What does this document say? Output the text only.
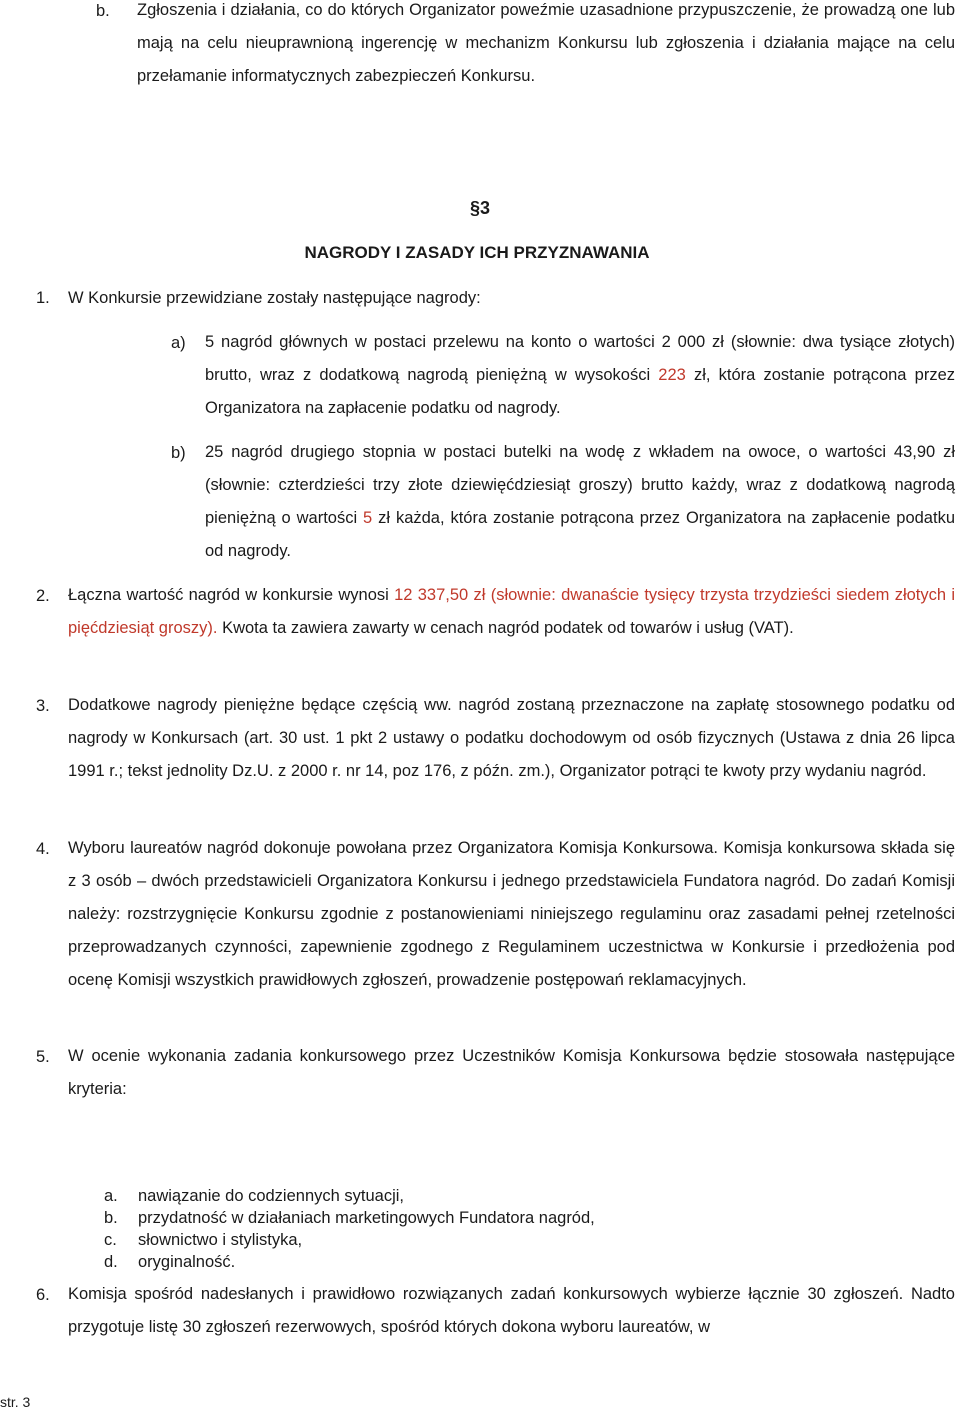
b. Zgłoszenia i działania, co do których Organizator poweźmie uzasadnione przypuszczenie, że prowadzą one lub mają na celu nieuprawnioną ingerencję w mechanizm Konkursu lub zgłoszenia i działania mające na celu przełamanie informatycznych zabezpieczeń Konkursu.
§3
NAGRODY I ZASADY ICH PRZYZNAWANIA
1. W Konkursie przewidziane zostały następujące nagrody:
a) 5 nagród głównych w postaci przelewu na konto o wartości 2 000 zł (słownie: dwa tysiące złotych) brutto, wraz z dodatkową nagrodą pieniężną w wysokości 223 zł, która zostanie potrącona przez Organizatora na zapłacenie podatku od nagrody.
b) 25 nagród drugiego stopnia w postaci butelki na wodę z wkładem na owoce, o wartości 43,90 zł (słownie: czterdzieści trzy złote dziewięćdziesiąt groszy) brutto każdy, wraz z dodatkową nagrodą pieniężną o wartości 5 zł każda, która zostanie potrącona przez Organizatora na zapłacenie podatku od nagrody.
2. Łączna wartość nagród w konkursie wynosi 12 337,50 zł (słownie: dwanaście tysięcy trzysta trzydzieści siedem złotych i pięćdziesiąt groszy). Kwota ta zawiera zawarty w cenach nagród podatek od towarów i usług (VAT).
3. Dodatkowe nagrody pieniężne będące częścią ww. nagród zostaną przeznaczone na zapłatę stosownego podatku od nagrody w Konkursach (art. 30 ust. 1 pkt 2 ustawy o podatku dochodowym od osób fizycznych (Ustawa z dnia 26 lipca 1991 r.; tekst jednolity Dz.U. z 2000 r. nr 14, poz 176, z późn. zm.), Organizator potrąci te kwoty przy wydaniu nagród.
4. Wyboru laureatów nagród dokonuje powołana przez Organizatora Komisja Konkursowa. Komisja konkursowa składa się z 3 osób – dwóch przedstawicieli Organizatora Konkursu i jednego przedstawiciela Fundatora nagród. Do zadań Komisji należy: rozstrzygnięcie Konkursu zgodnie z postanowieniami niniejszego regulaminu oraz zasadami pełnej rzetelności przeprowadzanych czynności, zapewnienie zgodnego z Regulaminem uczestnictwa w Konkursie i przedłożenia pod ocenę Komisji wszystkich prawidłowych zgłoszeń, prowadzenie postępowań reklamacyjnych.
5. W ocenie wykonania zadania konkursowego przez Uczestników Komisja Konkursowa będzie stosowała następujące kryteria:
a. nawiązanie do codziennych sytuacji,
b. przydatność w działaniach marketingowych Fundatora nagród,
c. słownictwo i stylistyka,
d. oryginalność.
6. Komisja spośród nadesłanych i prawidłowo rozwiązanych zadań konkursowych wybierze łącznie 30 zgłoszeń. Nadto przygotuje listę 30 zgłoszeń rezerwowych, spośród których dokona wyboru laureatów, w
str. 3
